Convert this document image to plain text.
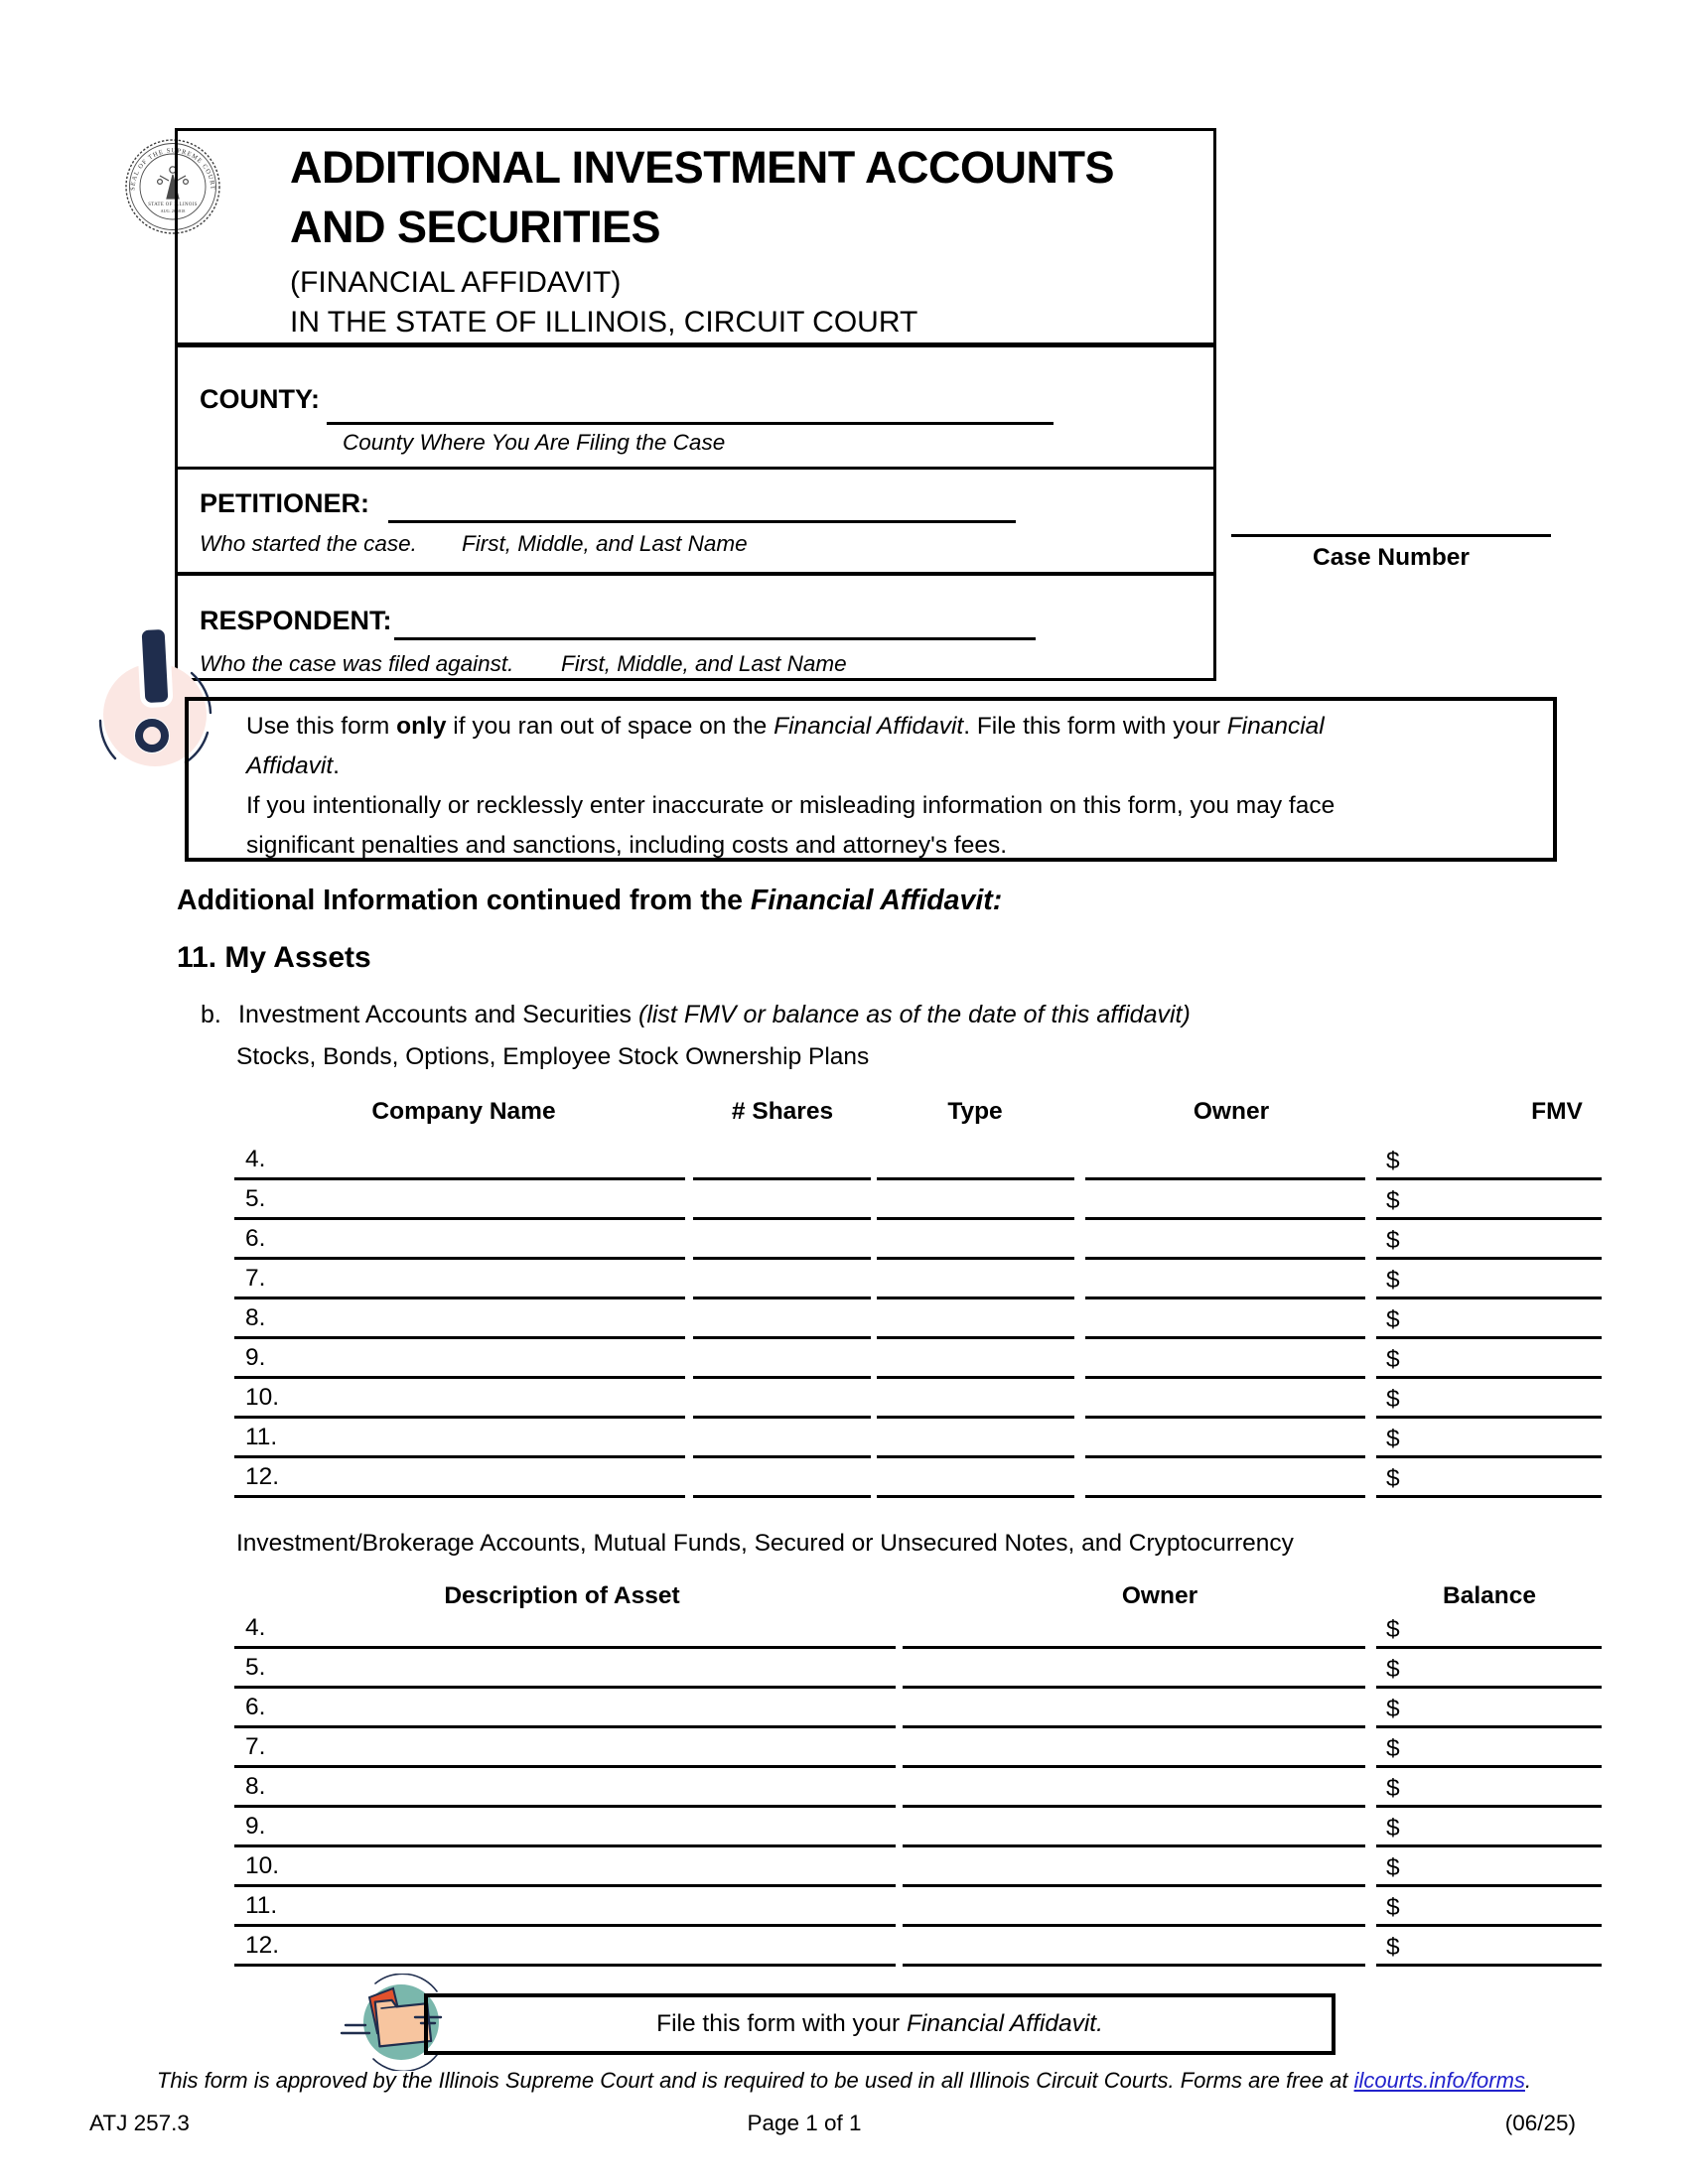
SEAL OF THE SUPREME COURT
STATE OF ILLINOIS
AUG. 26 1818
ADDITIONAL INVESTMENT ACCOUNTS
AND SECURITIES
(FINANCIAL AFFIDAVIT)
IN THE STATE OF ILLINOIS, CIRCUIT COURT
COUNTY:
County Where You Are Filing the Case
PETITIONER:
Who started the case. First, Middle, and Last Name
RESPONDENT:
Who the case was filed against. First, Middle, and Last Name
Case Number
Use this form only if you ran out of space on the Financial Affidavit. File this form with your Financial
Affidavit.
If you intentionally or recklessly enter inaccurate or misleading information on this form, you may face
significant penalties and sanctions, including costs and attorney's fees.
Additional Information continued from the Financial Affidavit:
11. My Assets
b. Investment Accounts and Securities (list FMV or balance as of the date of this affidavit)
Stocks, Bonds, Options, Employee Stock Ownership Plans
Company Name	# Shares	Type	Owner	FMV
4.	$
5.	$
6.	$
7.	$
8.	$
9.	$
10.	$
11.	$
12.	$
Investment/Brokerage Accounts, Mutual Funds, Secured or Unsecured Notes, and Cryptocurrency
Description of Asset	Owner	Balance
4.	$
5.	$
6.	$
7.	$
8.	$
9.	$
10.	$
11.	$
12.	$
File this form with your Financial Affidavit.
This form is approved by the Illinois Supreme Court and is required to be used in all Illinois Circuit Courts. Forms are free at ilcourts.info/forms.
ATJ 257.3	Page 1 of 1	(06/25)
